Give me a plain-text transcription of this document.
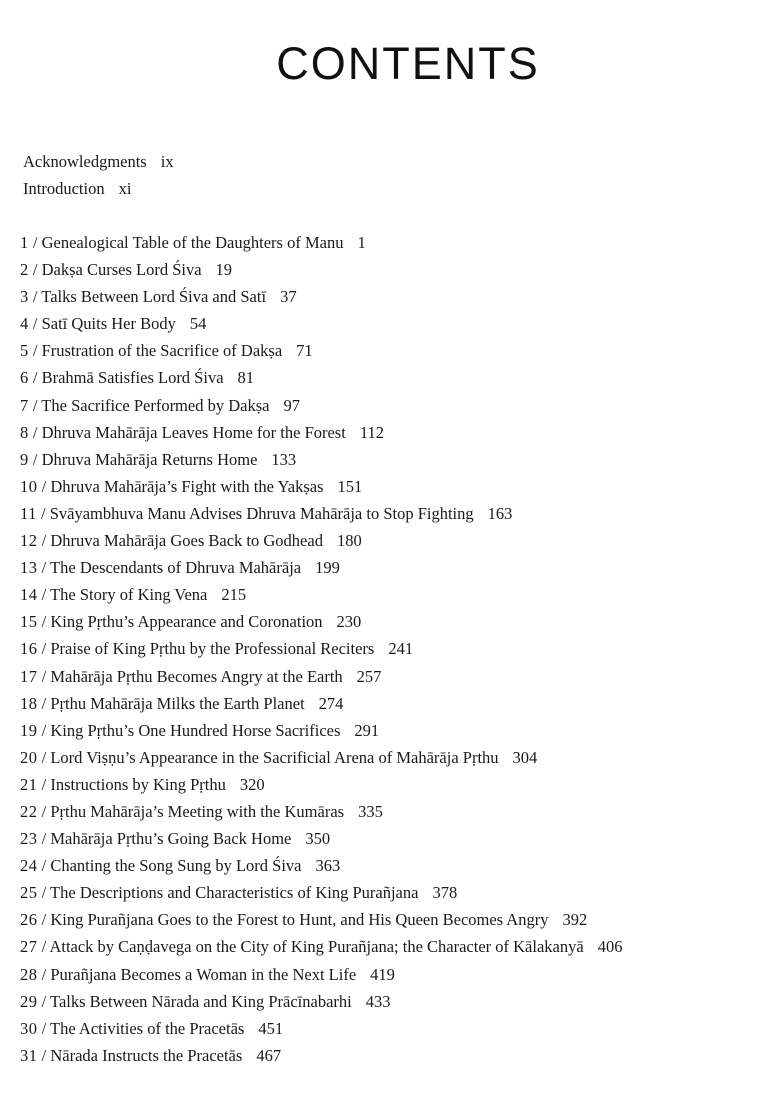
CONTENTS
Acknowledgments ix
Introduction xi
1 / Genealogical Table of the Daughters of Manu 1
2 / Dakṣa Curses Lord Śiva 19
3 / Talks Between Lord Śiva and Satī 37
4 / Satī Quits Her Body 54
5 / Frustration of the Sacrifice of Dakṣa 71
6 / Brahmā Satisfies Lord Śiva 81
7 / The Sacrifice Performed by Dakṣa 97
8 / Dhruva Mahārāja Leaves Home for the Forest 112
9 / Dhruva Mahārāja Returns Home 133
10 / Dhruva Mahārāja’s Fight with the Yakṣas 151
11 / Svāyambhuva Manu Advises Dhruva Mahārāja to Stop Fighting 163
12 / Dhruva Mahārāja Goes Back to Godhead 180
13 / The Descendants of Dhruva Mahārāja 199
14 / The Story of King Vena 215
15 / King Pṛthu’s Appearance and Coronation 230
16 / Praise of King Pṛthu by the Professional Reciters 241
17 / Mahārāja Pṛthu Becomes Angry at the Earth 257
18 / Pṛthu Mahārāja Milks the Earth Planet 274
19 / King Pṛthu’s One Hundred Horse Sacrifices 291
20 / Lord Viṣṇu’s Appearance in the Sacrificial Arena of Mahārāja Pṛthu 304
21 / Instructions by King Pṛthu 320
22 / Pṛthu Mahārāja’s Meeting with the Kumāras 335
23 / Mahārāja Pṛthu’s Going Back Home 350
24 / Chanting the Song Sung by Lord Śiva 363
25 / The Descriptions and Characteristics of King Purañjana 378
26 / King Purañjana Goes to the Forest to Hunt, and His Queen Becomes Angry 392
27 / Attack by Caṇḍavega on the City of King Purañjana; the Character of Kālakanyā 406
28 / Purañjana Becomes a Woman in the Next Life 419
29 / Talks Between Nārada and King Prācīnabarhi 433
30 / The Activities of the Pracetās 451
31 / Nārada Instructs the Pracetās 467
